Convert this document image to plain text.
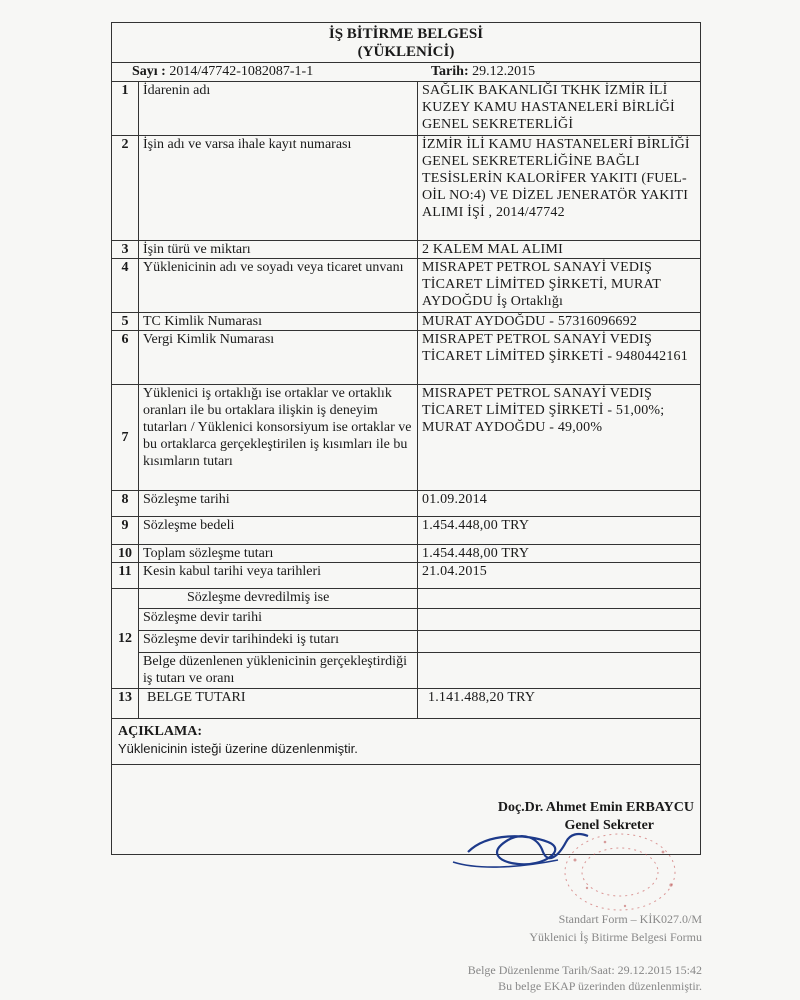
İŞ BİTİRME BELGESİ
(YÜKLENİCİ)
Sayı : 2014/47742-1082087-1-1	Tarih: 29.12.2015
1	İdarenin adı	SAĞLIK BAKANLIĞI TKHK İZMİR İLİ KUZEY KAMU HASTANELERİ BİRLİĞİ GENEL SEKRETERLİĞİ
2	İşin adı ve varsa ihale kayıt numarası	İZMİR İLİ KAMU HASTANELERİ BİRLİĞİ GENEL SEKRETERLİĞİNE BAĞLI TESİSLERİN KALORİFER YAKITI (FUEL-OİL NO:4) VE DİZEL JENERATÖR YAKITI ALIMI İŞİ , 2014/47742
3	İşin türü ve miktarı	2 KALEM MAL ALIMI
4	Yüklenicinin adı ve soyadı veya ticaret unvanı	MISRAPET PETROL SANAYİ VEDIŞ TİCARET LİMİTED ŞİRKETİ, MURAT AYDOĞDU İş Ortaklığı
5	TC Kimlik Numarası	MURAT AYDOĞDU - 57316096692
6	Vergi Kimlik Numarası	MISRAPET PETROL SANAYİ VEDIŞ TİCARET LİMİTED ŞİRKETİ - 9480442161
7	Yüklenici iş ortaklığı ise ortaklar ve ortaklık oranları ile bu ortaklara ilişkin iş deneyim tutarları / Yüklenici konsorsiyum ise ortaklar ve bu ortaklarca gerçekleştirilen iş kısımları ile bu kısımların tutarı	MISRAPET PETROL SANAYİ VEDIŞ TİCARET LİMİTED ŞİRKETİ - 51,00%; MURAT AYDOĞDU - 49,00%
8	Sözleşme tarihi	01.09.2014
9	Sözleşme bedeli	1.454.448,00 TRY
10	Toplam sözleşme tutarı	1.454.448,00 TRY
11	Kesin kabul tarihi veya tarihleri	21.04.2015
12	Sözleşme devredilmiş ise	
	Sözleşme devir tarihi	
	Sözleşme devir tarihindeki iş tutarı	
	Belge düzenlenen yüklenicinin gerçekleştirdiği iş tutarı ve oranı	
13	BELGE TUTARI	1.141.488,20 TRY
AÇIKLAMA:
Yüklenicinin isteği üzerine düzenlenmiştir.
Doç.Dr. Ahmet Emin ERBAYCU
Genel Sekreter
Standart Form – KİK027.0/M
Yüklenici İş Bitirme Belgesi Formu
Belge Düzenlenme Tarih/Saat: 29.12.2015 15:42
Bu belge EKAP üzerinden düzenlenmiştir.
